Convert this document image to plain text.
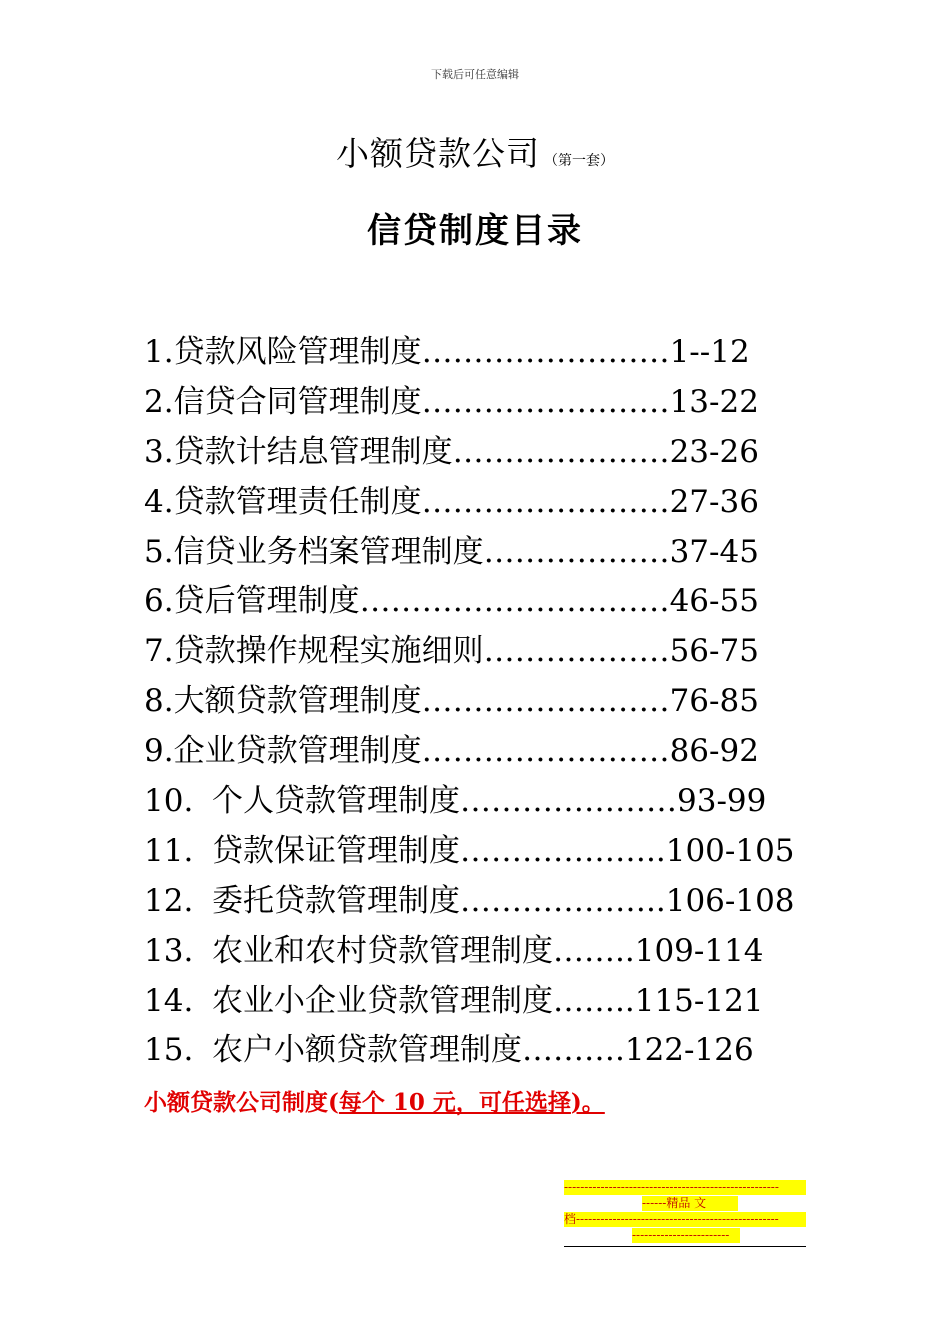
下载后可任意编辑
小额贷款公司 （第一套）
信贷制度目录
1.贷款风险管理制度……………………1--12
2.信贷合同管理制度……………………13-22
3.贷款计结息管理制度…………………23-26
4.贷款管理责任制度……………………27-36
5.信贷业务档案管理制度………………37-45
6.贷后管理制度…………………………46-55
7.贷款操作规程实施细则………………56-75
8.大额贷款管理制度……………………76-85
9.企业贷款管理制度……………………86-92
10. 个人贷款管理制度…………………93-99
11. 贷款保证管理制度………………..100-105
12. 委托贷款管理制度………………..106-108
13. 农业和农村贷款管理制度……..109-114
14. 农业小企业贷款管理制度……..115-121
15. 农户小额贷款管理制度……….122-126
小额贷款公司制度(每个 10 元，可任选择)。
-----------------------------------------------------
------精品 文
档--------------------------------------------------
------------------------
